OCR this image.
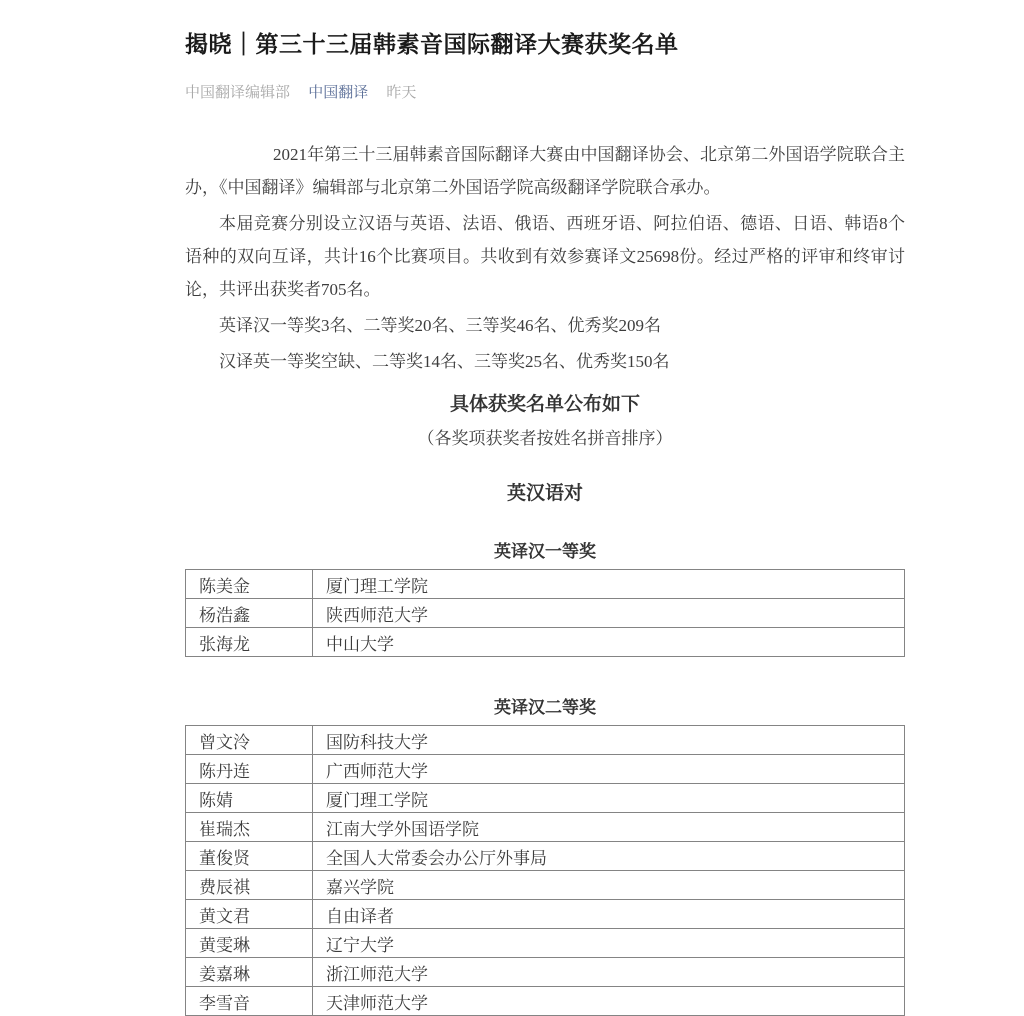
揭晓｜第三十三届韩素音国际翻译大赛获奖名单
中国翻译编辑部 中国翻译 昨天

2021年第三十三届韩素音国际翻译大赛由中国翻译协会、北京第二外国语学院联合主办，《中国翻译》编辑部与北京第二外国语学院高级翻译学院联合承办。

本届竞赛分别设立汉语与英语、法语、俄语、西班牙语、阿拉伯语、德语、日语、韩语8个语种的双向互译，共计16个比赛项目。共收到有效参赛译文25698份。经过严格的评审和终审讨论，共评出获奖者705名。

英译汉一等奖3名、二等奖20名、三等奖46名、优秀奖209名

汉译英一等奖空缺、二等奖14名、三等奖25名、优秀奖150名

具体获奖名单公布如下
（各奖项获奖者按姓名拼音排序）
英汉语对
英译汉一等奖
陈美金	厦门理工学院
杨浩鑫	陕西师范大学
张海龙	中山大学
英译汉二等奖
曾文泠	国防科技大学
陈丹连	广西师范大学
陈婧	厦门理工学院
崔瑞杰	江南大学外国语学院
董俊贤	全国人大常委会办公厅外事局
费辰祺	嘉兴学院
黄文君	自由译者
黄雯琳	辽宁大学
姜嘉琳	浙江师范大学
李雪音	天津师范大学
